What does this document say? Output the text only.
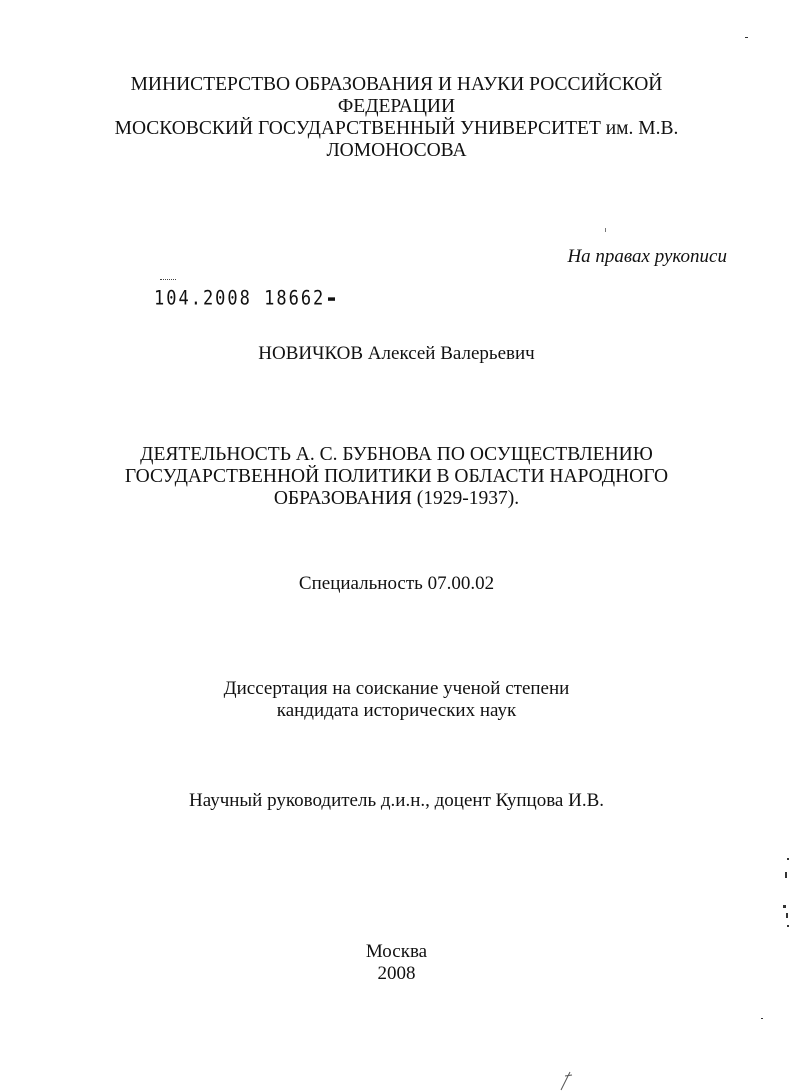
МИНИСТЕРСТВО ОБРАЗОВАНИЯ И НАУКИ РОССИЙСКОЙ
ФЕДЕРАЦИИ
МОСКОВСКИЙ ГОСУДАРСТВЕННЫЙ УНИВЕРСИТЕТ им. М.В.
ЛОМОНОСОВА
На правах рукописи
104.2008 18662
НОВИЧКОВ Алексей Валерьевич
ДЕЯТЕЛЬНОСТЬ А. С. БУБНОВА ПО ОСУЩЕСТВЛЕНИЮ
ГОСУДАРСТВЕННОЙ ПОЛИТИКИ В ОБЛАСТИ НАРОДНОГО
ОБРАЗОВАНИЯ (1929-1937).
Специальность 07.00.02
Диссертация на соискание ученой степени
кандидата исторических наук
Научный руководитель д.и.н., доцент Купцова И.В.
Москва
2008
